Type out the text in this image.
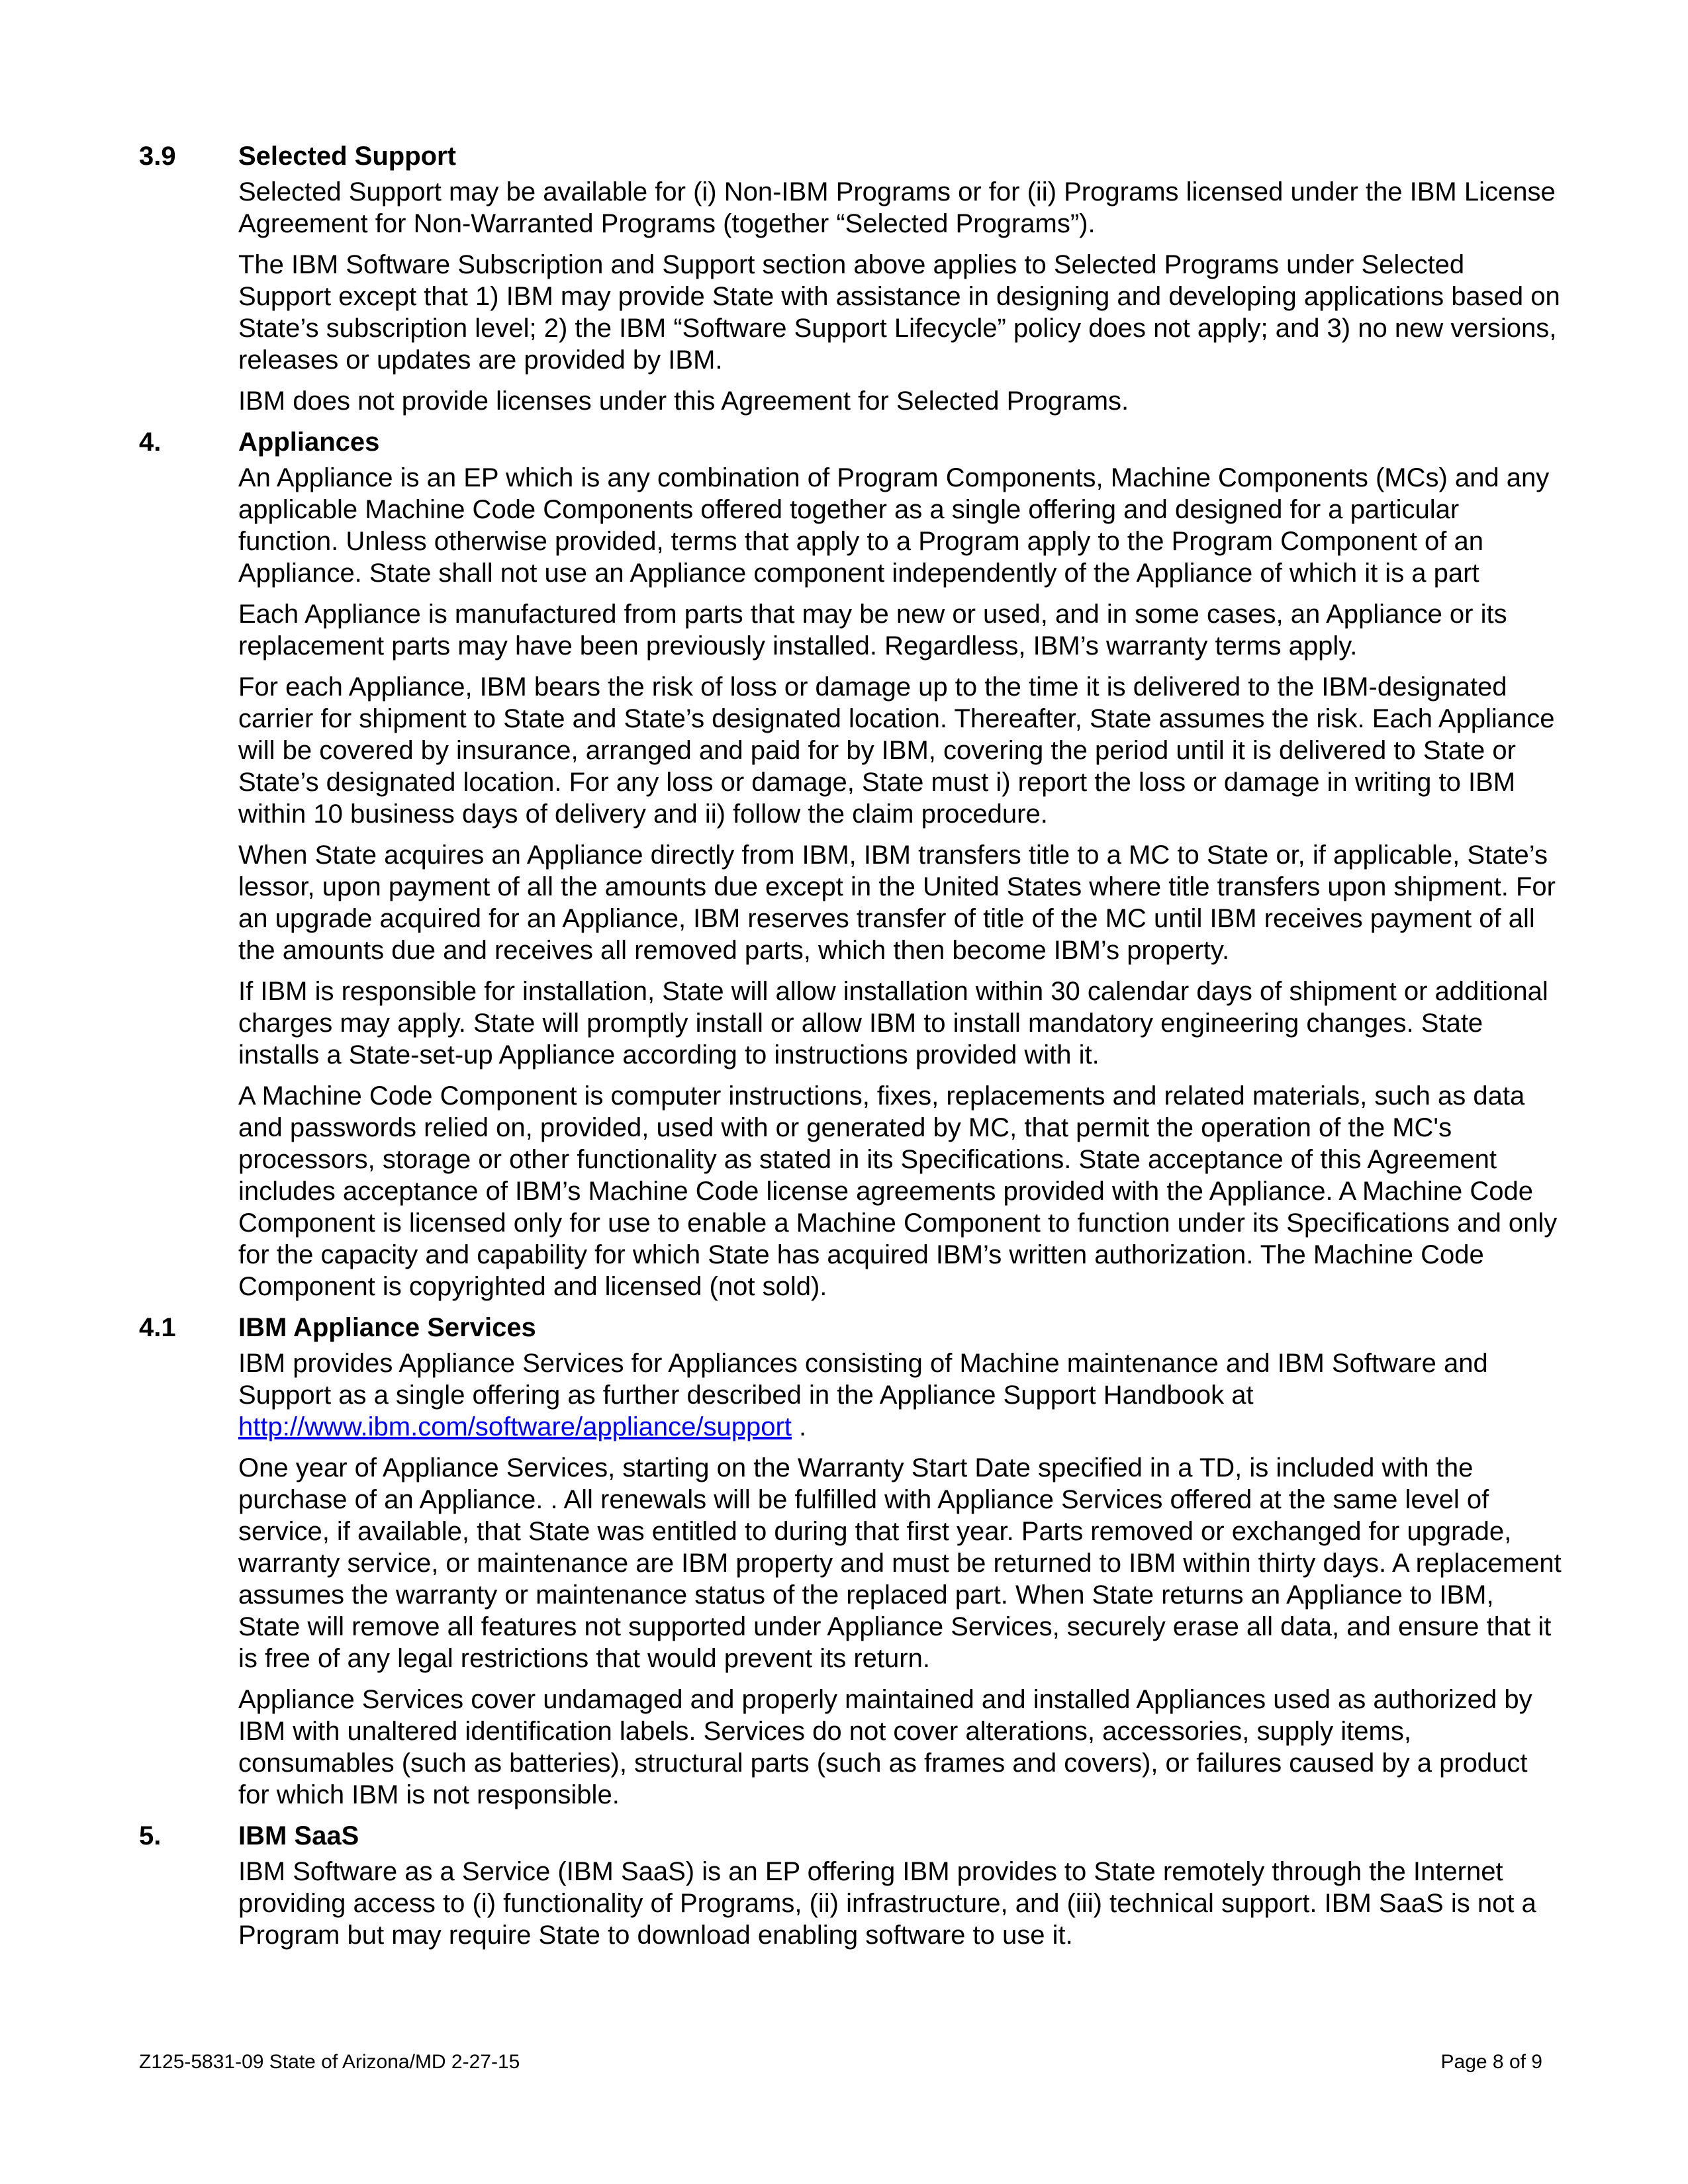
3.9 Selected Support

Selected Support may be available for (i) Non-IBM Programs or for (ii) Programs licensed under the IBM License Agreement for Non-Warranted Programs (together “Selected Programs”).

The IBM Software Subscription and Support section above applies to Selected Programs under Selected Support except that 1) IBM may provide State with assistance in designing and developing applications based on State’s subscription level; 2) the IBM “Software Support Lifecycle” policy does not apply; and 3) no new versions, releases or updates are provided by IBM.

IBM does not provide licenses under this Agreement for Selected Programs.

4.	Appliances

An Appliance is an EP which is any combination of Program Components, Machine Components (MCs) and any applicable Machine Code Components offered together as a single offering and designed for a particular function. Unless otherwise provided, terms that apply to a Program apply to the Program Component of an Appliance. State shall not use an Appliance component independently of the Appliance of which it is a part

Each Appliance is manufactured from parts that may be new or used, and in some cases, an Appliance or its replacement parts may have been previously installed. Regardless, IBM’s warranty terms apply.

For each Appliance, IBM bears the risk of loss or damage up to the time it is delivered to the IBM-designated carrier for shipment to State and State’s designated location. Thereafter, State assumes the risk. Each Appliance will be covered by insurance, arranged and paid for by IBM, covering the period until it is delivered to State or State’s designated location. For any loss or damage, State must i) report the loss or damage in writing to IBM within 10 business days of delivery and ii) follow the claim procedure.

When State acquires an Appliance directly from IBM, IBM transfers title to a MC to State or, if applicable, State’s lessor, upon payment of all the amounts due except in the United States where title transfers upon shipment. For an upgrade acquired for an Appliance, IBM reserves transfer of title of the MC until IBM receives payment of all the amounts due and receives all removed parts, which then become IBM’s property.

If IBM is responsible for installation, State will allow installation within 30 calendar days of shipment or additional charges may apply. State will promptly install or allow IBM to install mandatory engineering changes. State installs a State-set-up Appliance according to instructions provided with it.

A Machine Code Component is computer instructions, fixes, replacements and related materials, such as data and passwords relied on, provided, used with or generated by MC, that permit the operation of the MC's processors, storage or other functionality as stated in its Specifications. State acceptance of this Agreement includes acceptance of IBM’s Machine Code license agreements provided with the Appliance. A Machine Code Component is licensed only for use to enable a Machine Component to function under its Specifications and only for the capacity and capability for which State has acquired IBM’s written authorization. The Machine Code Component is copyrighted and licensed (not sold).

4.1 IBM Appliance Services

IBM provides Appliance Services for Appliances consisting of Machine maintenance and IBM Software and Support as a single offering as further described in the Appliance Support Handbook at http://www.ibm.com/software/appliance/support .

One year of Appliance Services, starting on the Warranty Start Date specified in a TD, is included with the purchase of an Appliance. . All renewals will be fulfilled with Appliance Services offered at the same level of service, if available, that State was entitled to during that first year. Parts removed or exchanged for upgrade, warranty service, or maintenance are IBM property and must be returned to IBM within thirty days. A replacement assumes the warranty or maintenance status of the replaced part. When State returns an Appliance to IBM, State will remove all features not supported under Appliance Services, securely erase all data, and ensure that it is free of any legal restrictions that would prevent its return.

Appliance Services cover undamaged and properly maintained and installed Appliances used as authorized by IBM with unaltered identification labels. Services do not cover alterations, accessories, supply items, consumables (such as batteries), structural parts (such as frames and covers), or failures caused by a product for which IBM is not responsible.

5.	IBM SaaS

IBM Software as a Service (IBM SaaS) is an EP offering IBM provides to State remotely through the Internet providing access to (i) functionality of Programs, (ii) infrastructure, and (iii) technical support. IBM SaaS is not a Program but may require State to download enabling software to use it.

Z125-5831-09 State of Arizona/MD 2-27-15	Page 8 of 9
